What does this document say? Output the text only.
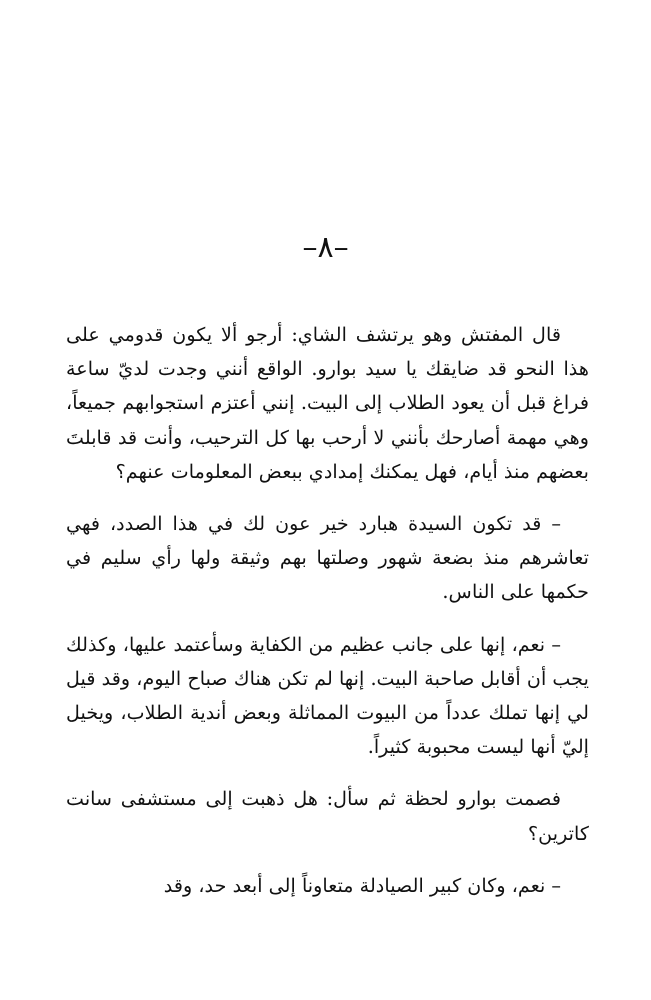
–٨–

قال المفتش وهو يرتشف الشاي: أرجو ألا يكون قدومي على هذا النحو قد ضايقك يا سيد بوارو. الواقع أنني وجدت لديّ ساعة فراغ قبل أن يعود الطلاب إلى البيت. إنني أعتزم استجوابهم جميعاً، وهي مهمة أصارحك بأنني لا أرحب بها كل الترحيب، وأنت قد قابلتَ بعضهم منذ أيام، فهل يمكنك إمدادي ببعض المعلومات عنهم؟

– قد تكون السيدة هبارد خير عون لك في هذا الصدد، فهي تعاشرهم منذ بضعة شهور وصلتها بهم وثيقة ولها رأي سليم في حكمها على الناس.

– نعم، إنها على جانب عظيم من الكفاية وسأعتمد عليها، وكذلك يجب أن أقابل صاحبة البيت. إنها لم تكن هناك صباح اليوم، وقد قيل لي إنها تملك عدداً من البيوت المماثلة وبعض أندية الطلاب، ويخيل إليّ أنها ليست محبوبة كثيراً.

فصمت بوارو لحظة ثم سأل: هل ذهبت إلى مستشفى سانت كاترين؟

– نعم، وكان كبير الصيادلة متعاوناً إلى أبعد حد، وقد
